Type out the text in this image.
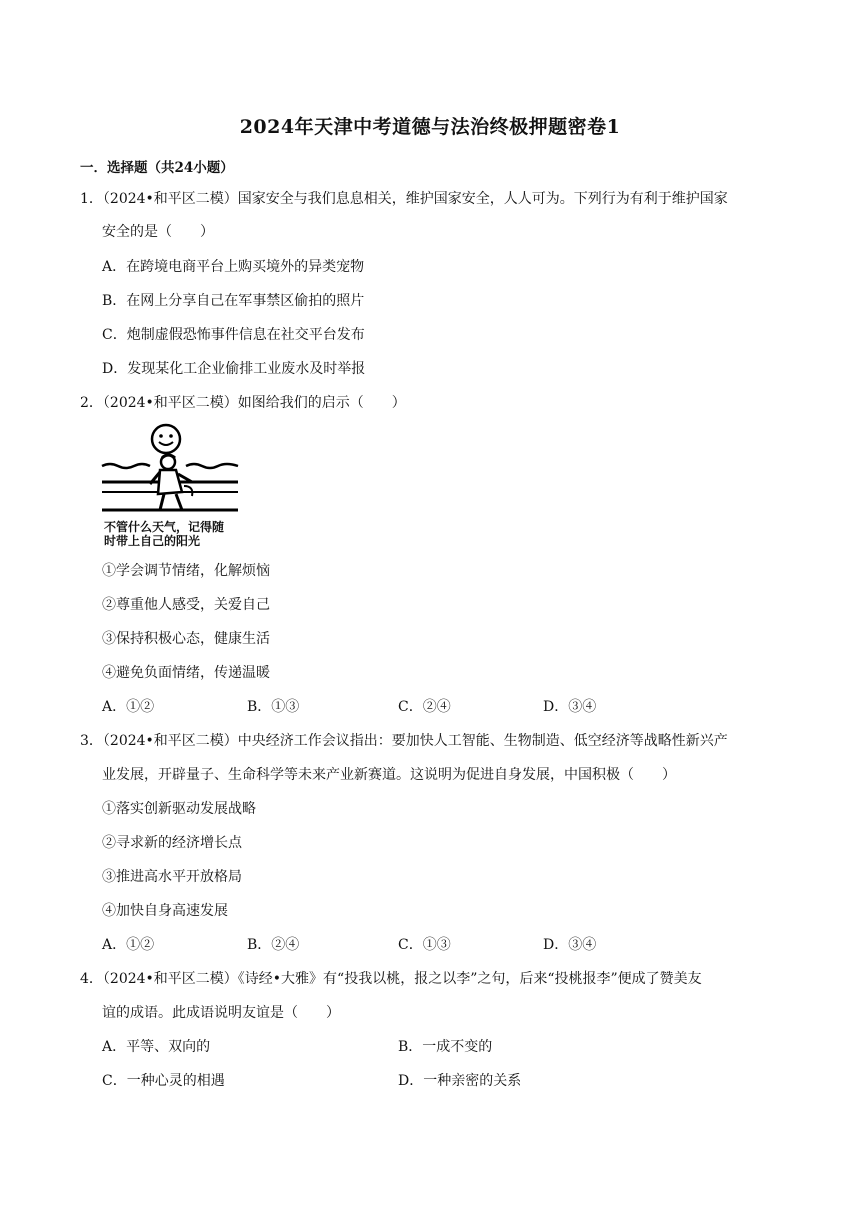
2024年天津中考道德与法治终极押题密卷1
一．选择题（共24小题）
1．（2024•和平区二模）国家安全与我们息息相关，维护国家安全，人人可为。下列行为有利于维护国家
安全的是（　　）
A．在跨境电商平台上购买境外的异类宠物
B．在网上分享自己在军事禁区偷拍的照片
C．炮制虚假恐怖事件信息在社交平台发布
D．发现某化工企业偷排工业废水及时举报
2．（2024•和平区二模）如图给我们的启示（　　）
不管什么天气，记得随
时带上自己的阳光
①学会调节情绪，化解烦恼
②尊重他人感受，关爱自己
③保持积极心态，健康生活
④避免负面情绪，传递温暖
A．①②	B．①③	C．②④	D．③④
3．（2024•和平区二模）中央经济工作会议指出：要加快人工智能、生物制造、低空经济等战略性新兴产
业发展，开辟量子、生命科学等未来产业新赛道。这说明为促进自身发展，中国积极（　　）
①落实创新驱动发展战略
②寻求新的经济增长点
③推进高水平开放格局
④加快自身高速发展
A．①②	B．②④	C．①③	D．③④
4．（2024•和平区二模）《诗经•大雅》有“投我以桃，报之以李”之句，后来“投桃报李”便成了赞美友
谊的成语。此成语说明友谊是（　　）
A．平等、双向的	B．一成不变的
C．一种心灵的相遇	D．一种亲密的关系
